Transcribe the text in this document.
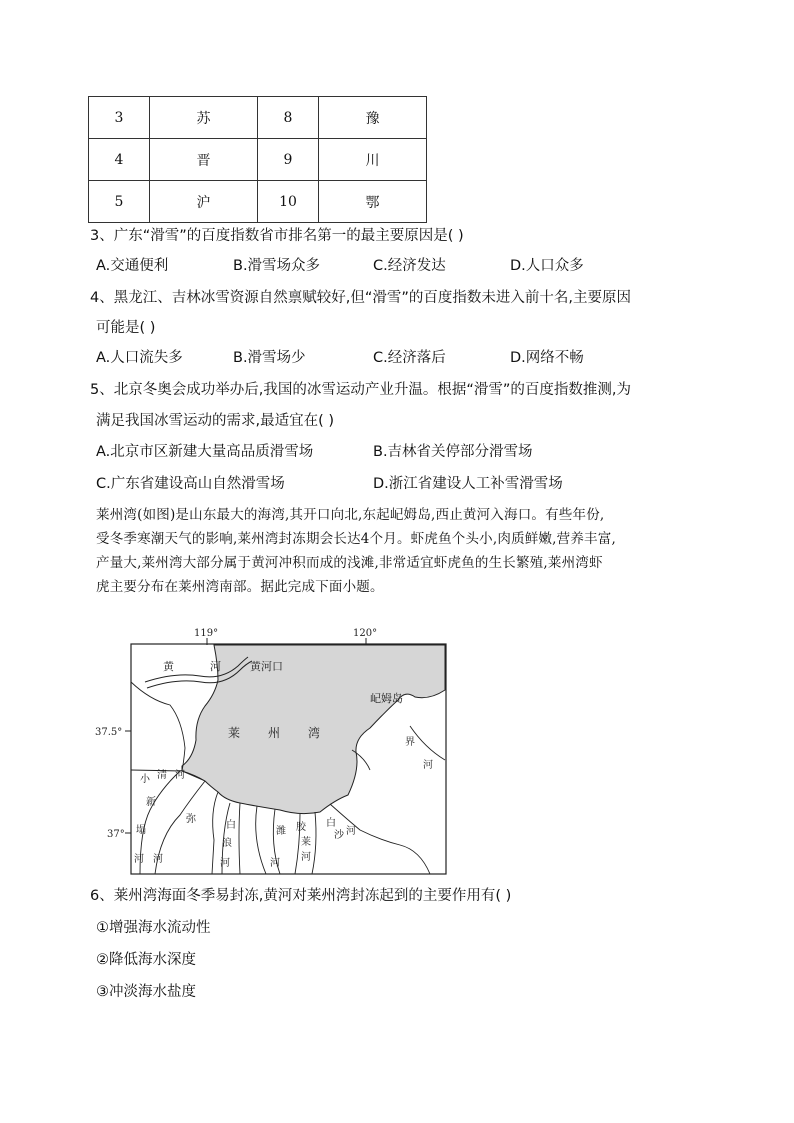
3	苏	8	豫
4	晋	9	川
5	沪	10	鄂
3、广东“滑雪”的百度指数省市排名第一的最主要原因是( )
A.交通便利	B.滑雪场众多	C.经济发达	D.人口众多
4、黑龙江、吉林冰雪资源自然禀赋较好,但“滑雪”的百度指数未进入前十名,主要原因
可能是( )
A.人口流失多	B.滑雪场少	C.经济落后	D.网络不畅
5、北京冬奥会成功举办后,我国的冰雪运动产业升温。根据“滑雪”的百度指数推测,为
满足我国冰雪运动的需求,最适宜在( )
A.北京市区新建大量高品质滑雪场	B.吉林省关停部分滑雪场
C.广东省建设高山自然滑雪场	D.浙江省建设人工补雪滑雪场
莱州湾(如图)是山东最大的海湾,其开口向北,东起屺姆岛,西止黄河入海口。有些年份,
受冬季寒潮天气的影响,莱州湾封冻期会长达4个月。虾虎鱼个头小,肉质鲜嫩,营养丰富,
产量大,莱州湾大部分属于黄河冲积而成的浅滩,非常适宜虾虎鱼的生长繁殖,莱州湾虾
虎主要分布在莱州湾南部。据此完成下面小题。
119°	120°
37.5°
37°
黄	河	黄河口
屺姆岛
莱 州 湾
界
河
小 清 河
新
塌
河 河
弥
白
浪
河
潍
河
胶
莱
河
白
沙 河
6、莱州湾海面冬季易封冻,黄河对莱州湾封冻起到的主要作用有( )
①增强海水流动性
②降低海水深度
③冲淡海水盐度
